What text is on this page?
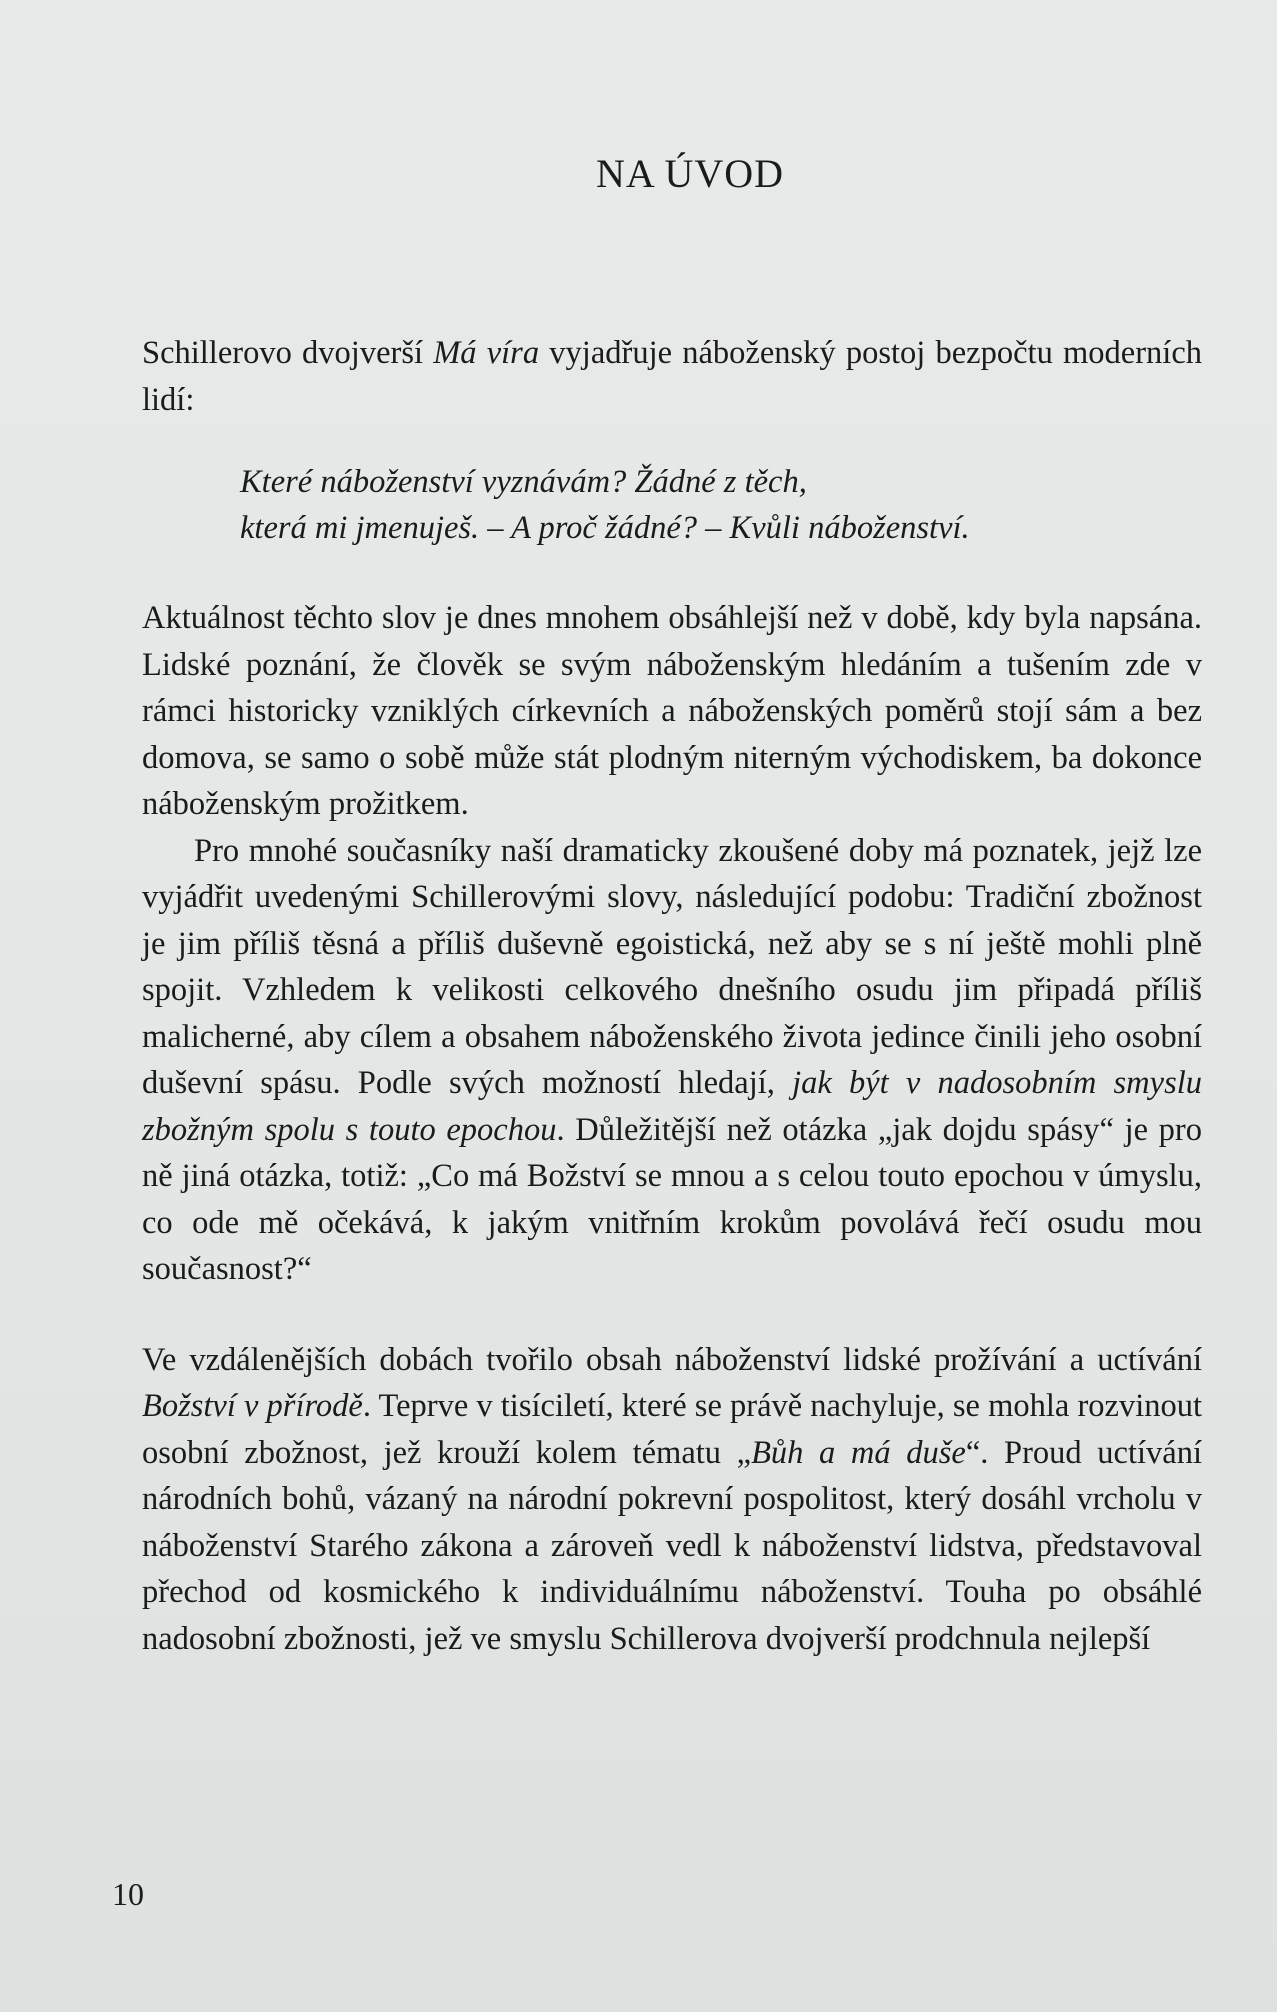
NA ÚVOD

Schillerovo dvojverší Má víra vyjadřuje náboženský postoj bezpočtu moderních lidí:

Které náboženství vyznávám? Žádné z těch,
která mi jmenuješ. – A proč žádné? – Kvůli náboženství.

Aktuálnost těchto slov je dnes mnohem obsáhlejší než v době, kdy byla napsána. Lidské poznání, že člověk se svým náboženským hledáním a tušením zde v rámci historicky vzniklých církevních a náboženských poměrů stojí sám a bez domova, se samo o sobě může stát plodným niterným východiskem, ba dokonce náboženským prožitkem.

Pro mnohé současníky naší dramaticky zkoušené doby má poznatek, jejž lze vyjádřit uvedenými Schillerovými slovy, následující podobu: Tradiční zbožnost je jim příliš těsná a příliš duševně egoistická, než aby se s ní ještě mohli plně spojit. Vzhledem k velikosti celkového dnešního osudu jim připadá příliš malicherné, aby cílem a obsahem náboženského života jedince činili jeho osobní duševní spásu. Podle svých možností hledají, jak být v nadosobním smyslu zbožným spolu s touto epochou. Důležitější než otázka „jak dojdu spásy“ je pro ně jiná otázka, totiž: „Co má Božství se mnou a s celou touto epochou v úmyslu, co ode mě očekává, k jakým vnitřním krokům povolává řečí osudu mou současnost?“

Ve vzdálenějších dobách tvořilo obsah náboženství lidské prožívání a uctívání Božství v přírodě. Teprve v tisíciletí, které se právě nachyluje, se mohla rozvinout osobní zbožnost, jež krouží kolem tématu „Bůh a má duše“. Proud uctívání národních bohů, vázaný na národní pokrevní pospolitost, který dosáhl vrcholu v náboženství Starého zákona a zároveň vedl k náboženství lidstva, představoval přechod od kosmického k individuálnímu náboženství. Touha po obsáhlé nadosobní zbožnosti, jež ve smyslu Schillerova dvojverší prodchnula nejlepší

10
